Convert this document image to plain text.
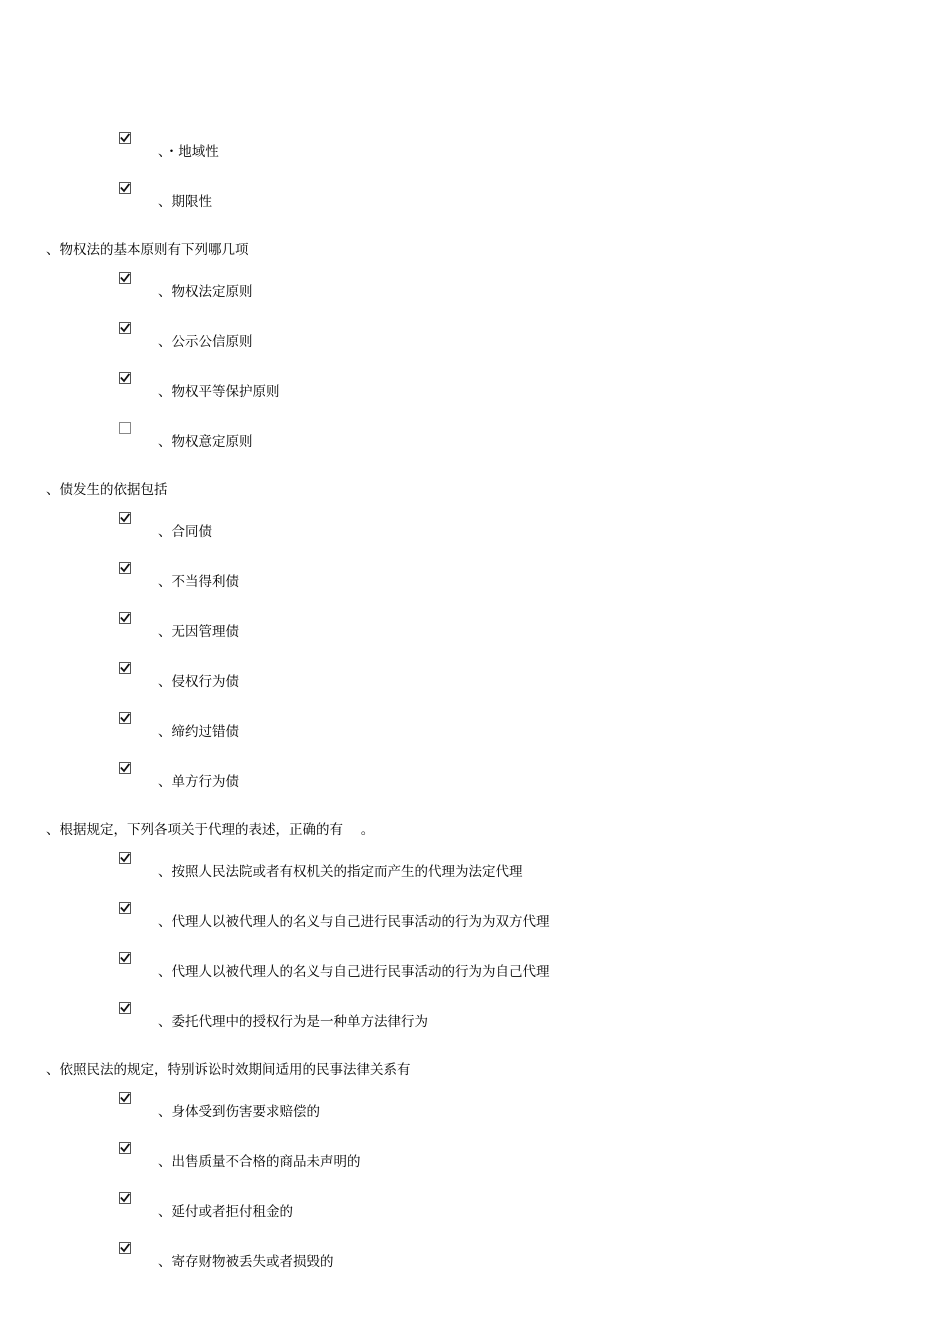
、・地域性
、期限性
、物权法的基本原则有下列哪几项
、物权法定原则
、公示公信原则
、物权平等保护原则
、物权意定原则
、债发生的依据包括
、合同债
、不当得利债
、无因管理债
、侵权行为债
、缔约过错债
、单方行为债
、根据规定，下列各项关于代理的表述，正确的有　 。
、按照人民法院或者有权机关的指定而产生的代理为法定代理
、代理人以被代理人的名义与自己进行民事活动的行为为双方代理
、代理人以被代理人的名义与自己进行民事活动的行为为自己代理
、委托代理中的授权行为是一种单方法律行为
、依照民法的规定，特别诉讼时效期间适用的民事法律关系有
、身体受到伤害要求赔偿的
、出售质量不合格的商品未声明的
、延付或者拒付租金的
、寄存财物被丢失或者损毁的
